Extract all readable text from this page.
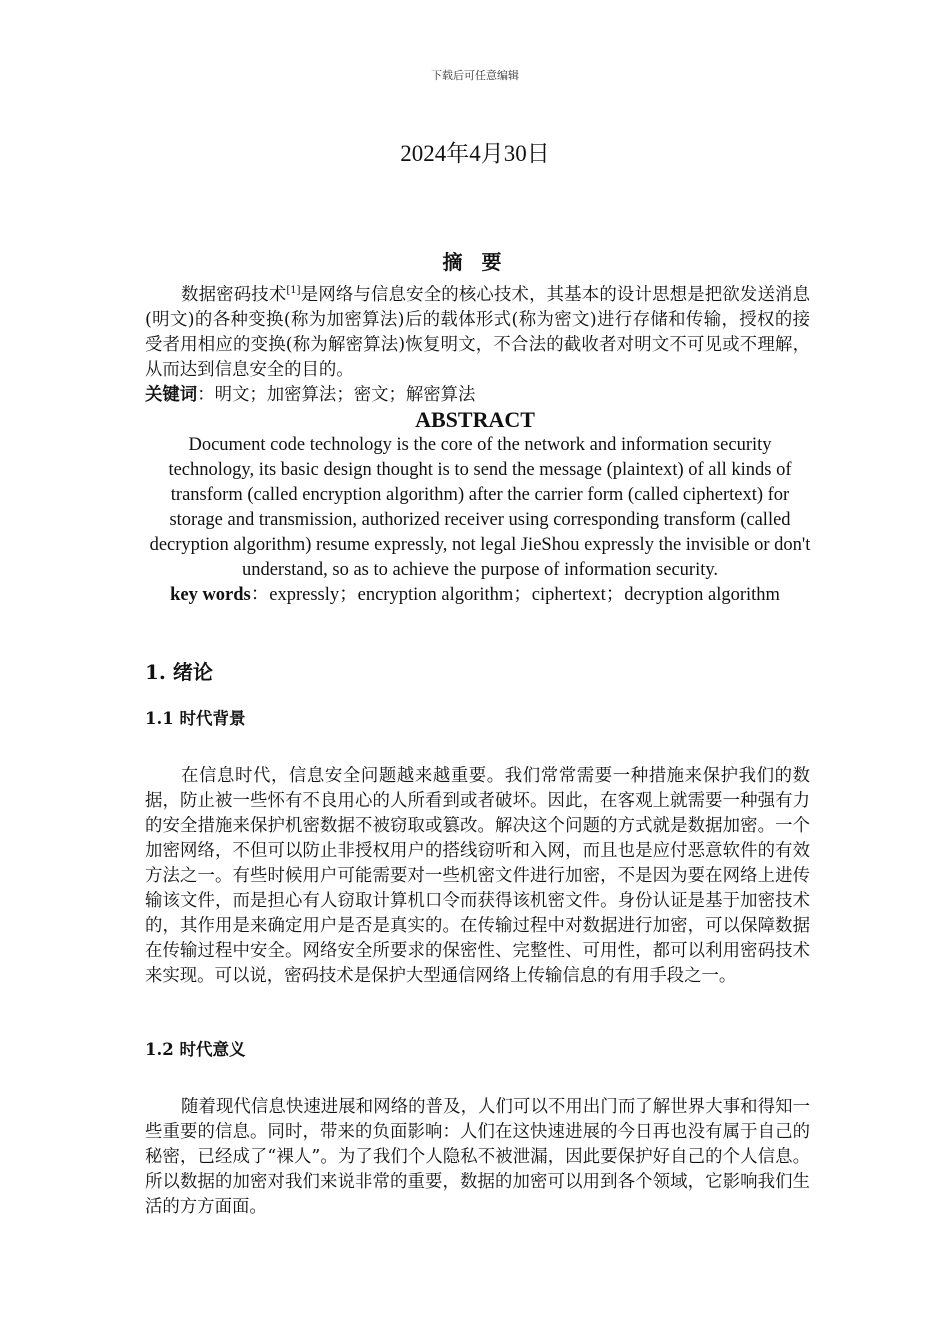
下载后可任意编辑
2024年4月30日
摘 要
数据密码技术[1]是网络与信息安全的核心技术，其基本的设计思想是把欲发送消息(明文)的各种变换(称为加密算法)后的载体形式(称为密文)进行存储和传输，授权的接受者用相应的变换(称为解密算法)恢复明文，不合法的截收者对明文不可见或不理解，从而达到信息安全的目的。
关键词：明文；加密算法；密文；解密算法
ABSTRACT
Document code technology is the core of the network and information security technology, its basic design thought is to send the message (plaintext) of all kinds of transform (called encryption algorithm) after the carrier form (called ciphertext) for storage and transmission, authorized receiver using corresponding transform (called decryption algorithm) resume expressly, not legal JieShou expressly the invisible or don't understand, so as to achieve the purpose of information security.
key words：expressly；encryption algorithm；ciphertext；decryption algorithm
1. 绪论
1.1 时代背景
在信息时代，信息安全问题越来越重要。我们常常需要一种措施来保护我们的数据，防止被一些怀有不良用心的人所看到或者破坏。因此，在客观上就需要一种强有力的安全措施来保护机密数据不被窃取或篡改。解决这个问题的方式就是数据加密。一个加密网络，不但可以防止非授权用户的搭线窃听和入网，而且也是应付恶意软件的有效方法之一。有些时候用户可能需要对一些机密文件进行加密，不是因为要在网络上进传输该文件，而是担心有人窃取计算机口令而获得该机密文件。身份认证是基于加密技术的，其作用是来确定用户是否是真实的。在传输过程中对数据进行加密，可以保障数据在传输过程中安全。网络安全所要求的保密性、完整性、可用性，都可以利用密码技术来实现。可以说，密码技术是保护大型通信网络上传输信息的有用手段之一。
1.2 时代意义
随着现代信息快速进展和网络的普及，人们可以不用出门而了解世界大事和得知一些重要的信息。同时，带来的负面影响：人们在这快速进展的今日再也没有属于自己的秘密，已经成了“裸人”。为了我们个人隐私不被泄漏，因此要保护好自己的个人信息。所以数据的加密对我们来说非常的重要，数据的加密可以用到各个领域，它影响我们生活的方方面面。
